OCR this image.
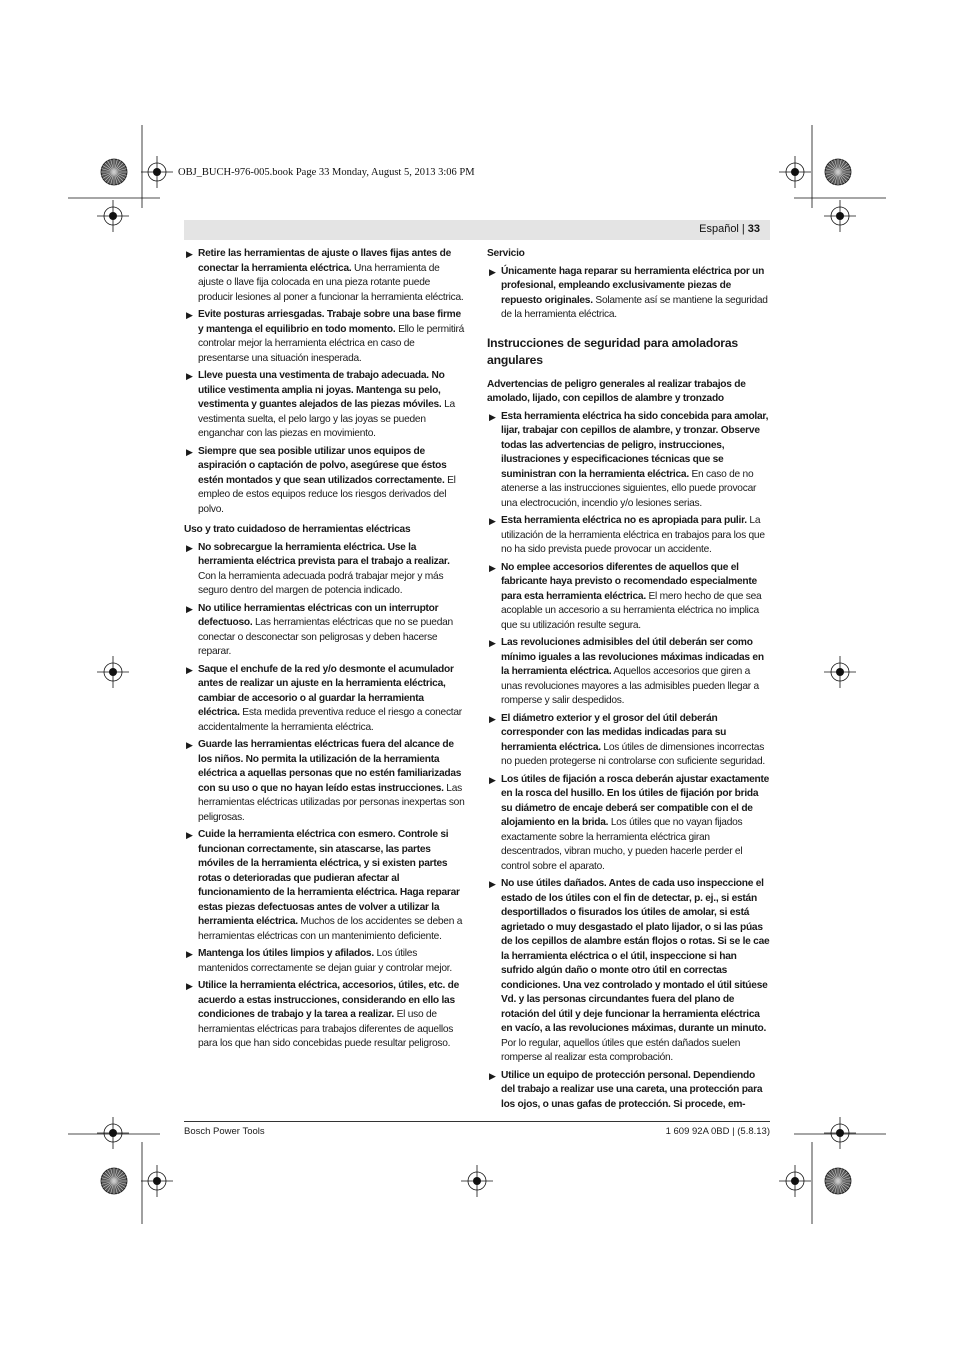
OBJ_BUCH-976-005.book Page 33 Monday, August 5, 2013 3:06 PM
Español | 33
▶ Retire las herramientas de ajuste o llaves fijas antes de conectar la herramienta eléctrica. Una herramienta de ajuste o llave fija colocada en una pieza rotante puede producir lesiones al poner a funcionar la herramienta eléctrica.
▶ Evite posturas arriesgadas. Trabaje sobre una base firme y mantenga el equilibrio en todo momento. Ello le permitirá controlar mejor la herramienta eléctrica en caso de presentarse una situación inesperada.
▶ Lleve puesta una vestimenta de trabajo adecuada. No utilice vestimenta amplia ni joyas. Mantenga su pelo, vestimenta y guantes alejados de las piezas móviles. La vestimenta suelta, el pelo largo y las joyas se pueden enganchar con las piezas en movimiento.
▶ Siempre que sea posible utilizar unos equipos de aspiración o captación de polvo, asegúrese que éstos estén montados y que sean utilizados correctamente. El empleo de estos equipos reduce los riesgos derivados del polvo.
Uso y trato cuidadoso de herramientas eléctricas
▶ No sobrecargue la herramienta eléctrica. Use la herramienta eléctrica prevista para el trabajo a realizar. Con la herramienta adecuada podrá trabajar mejor y más seguro dentro del margen de potencia indicado.
▶ No utilice herramientas eléctricas con un interruptor defectuoso. Las herramientas eléctricas que no se puedan conectar o desconectar son peligrosas y deben hacerse reparar.
▶ Saque el enchufe de la red y/o desmonte el acumulador antes de realizar un ajuste en la herramienta eléctrica, cambiar de accesorio o al guardar la herramienta eléctrica. Esta medida preventiva reduce el riesgo a conectar accidentalmente la herramienta eléctrica.
▶ Guarde las herramientas eléctricas fuera del alcance de los niños. No permita la utilización de la herramienta eléctrica a aquellas personas que no estén familiarizadas con su uso o que no hayan leído estas instrucciones. Las herramientas eléctricas utilizadas por personas inexpertas son peligrosas.
▶ Cuide la herramienta eléctrica con esmero. Controle si funcionan correctamente, sin atascarse, las partes móviles de la herramienta eléctrica, y si existen partes rotas o deterioradas que pudieran afectar al funcionamiento de la herramienta eléctrica. Haga reparar estas piezas defectuosas antes de volver a utilizar la herramienta eléctrica. Muchos de los accidentes se deben a herramientas eléctricas con un mantenimiento deficiente.
▶ Mantenga los útiles limpios y afilados. Los útiles mantenidos correctamente se dejan guiar y controlar mejor.
▶ Utilice la herramienta eléctrica, accesorios, útiles, etc. de acuerdo a estas instrucciones, considerando en ello las condiciones de trabajo y la tarea a realizar. El uso de herramientas eléctricas para trabajos diferentes de aquellos para los que han sido concebidas puede resultar peligroso.
Servicio
▶ Únicamente haga reparar su herramienta eléctrica por un profesional, empleando exclusivamente piezas de repuesto originales. Solamente así se mantiene la seguridad de la herramienta eléctrica.
Instrucciones de seguridad para amoladoras angulares
Advertencias de peligro generales al realizar trabajos de amolado, lijado, con cepillos de alambre y tronzado
▶ Esta herramienta eléctrica ha sido concebida para amolar, lijar, trabajar con cepillos de alambre, y tronzar. Observe todas las advertencias de peligro, instrucciones, ilustraciones y especificaciones técnicas que se suministran con la herramienta eléctrica. En caso de no atenerse a las instrucciones siguientes, ello puede provocar una electrocución, incendio y/o lesiones serias.
▶ Esta herramienta eléctrica no es apropiada para pulir. La utilización de la herramienta eléctrica en trabajos para los que no ha sido prevista puede provocar un accidente.
▶ No emplee accesorios diferentes de aquellos que el fabricante haya previsto o recomendado especialmente para esta herramienta eléctrica. El mero hecho de que sea acoplable un accesorio a su herramienta eléctrica no implica que su utilización resulte segura.
▶ Las revoluciones admisibles del útil deberán ser como mínimo iguales a las revoluciones máximas indicadas en la herramienta eléctrica. Aquellos accesorios que giren a unas revoluciones mayores a las admisibles pueden llegar a romperse y salir despedidos.
▶ El diámetro exterior y el grosor del útil deberán corresponder con las medidas indicadas para su herramienta eléctrica. Los útiles de dimensiones incorrectas no pueden protegerse ni controlarse con suficiente seguridad.
▶ Los útiles de fijación a rosca deberán ajustar exactamente en la rosca del husillo. En los útiles de fijación por brida su diámetro de encaje deberá ser compatible con el de alojamiento en la brida. Los útiles que no vayan fijados exactamente sobre la herramienta eléctrica giran descentrados, vibran mucho, y pueden hacerle perder el control sobre el aparato.
▶ No use útiles dañados. Antes de cada uso inspeccione el estado de los útiles con el fin de detectar, p. ej., si están desportillados o fisurados los útiles de amolar, si está agrietado o muy desgastado el plato lijador, o si las púas de los cepillos de alambre están flojos o rotas. Si se le cae la herramienta eléctrica o el útil, inspeccione si han sufrido algún daño o monte otro útil en correctas condiciones. Una vez controlado y montado el útil sitúese Vd. y las personas circundantes fuera del plano de rotación del útil y deje funcionar la herramienta eléctrica en vacío, a las revoluciones máximas, durante un minuto. Por lo regular, aquellos útiles que estén dañados suelen romperse al realizar esta comprobación.
▶ Utilice un equipo de protección personal. Dependiendo del trabajo a realizar use una careta, una protección para los ojos, o unas gafas de protección. Si procede, em-
Bosch Power Tools	1 609 92A 0BD | (5.8.13)
